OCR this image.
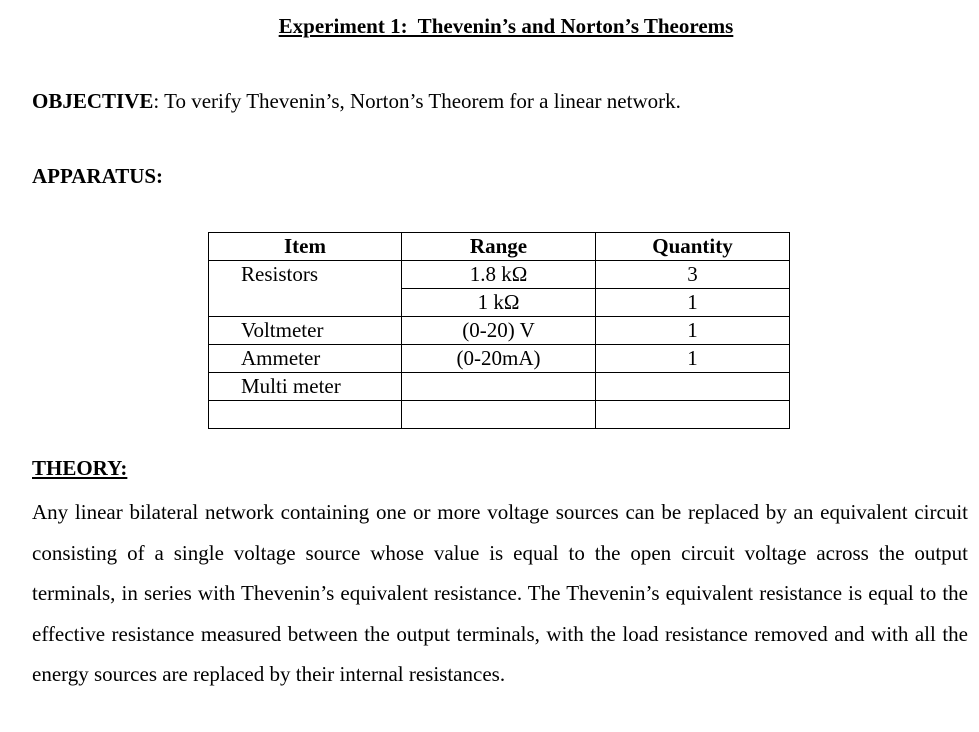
Experiment 1:  Thevenin’s and Norton’s Theorems
OBJECTIVE: To verify Thevenin’s, Norton’s Theorem for a linear network.
APPARATUS:
Item	Range	Quantity
Resistors	1.8 kΩ	3
	1 kΩ	1
Voltmeter	(0-20) V	1
Ammeter	(0-20mA)	1
Multi meter		

THEORY:
Any linear bilateral network containing one or more voltage sources can be replaced by an equivalent circuit consisting of a single voltage source whose value is equal to the open circuit voltage across the output terminals, in series with Thevenin’s equivalent resistance. The Thevenin’s equivalent resistance is equal to the effective resistance measured between the output terminals, with the load resistance removed and with all the energy sources are replaced by their internal resistances.
